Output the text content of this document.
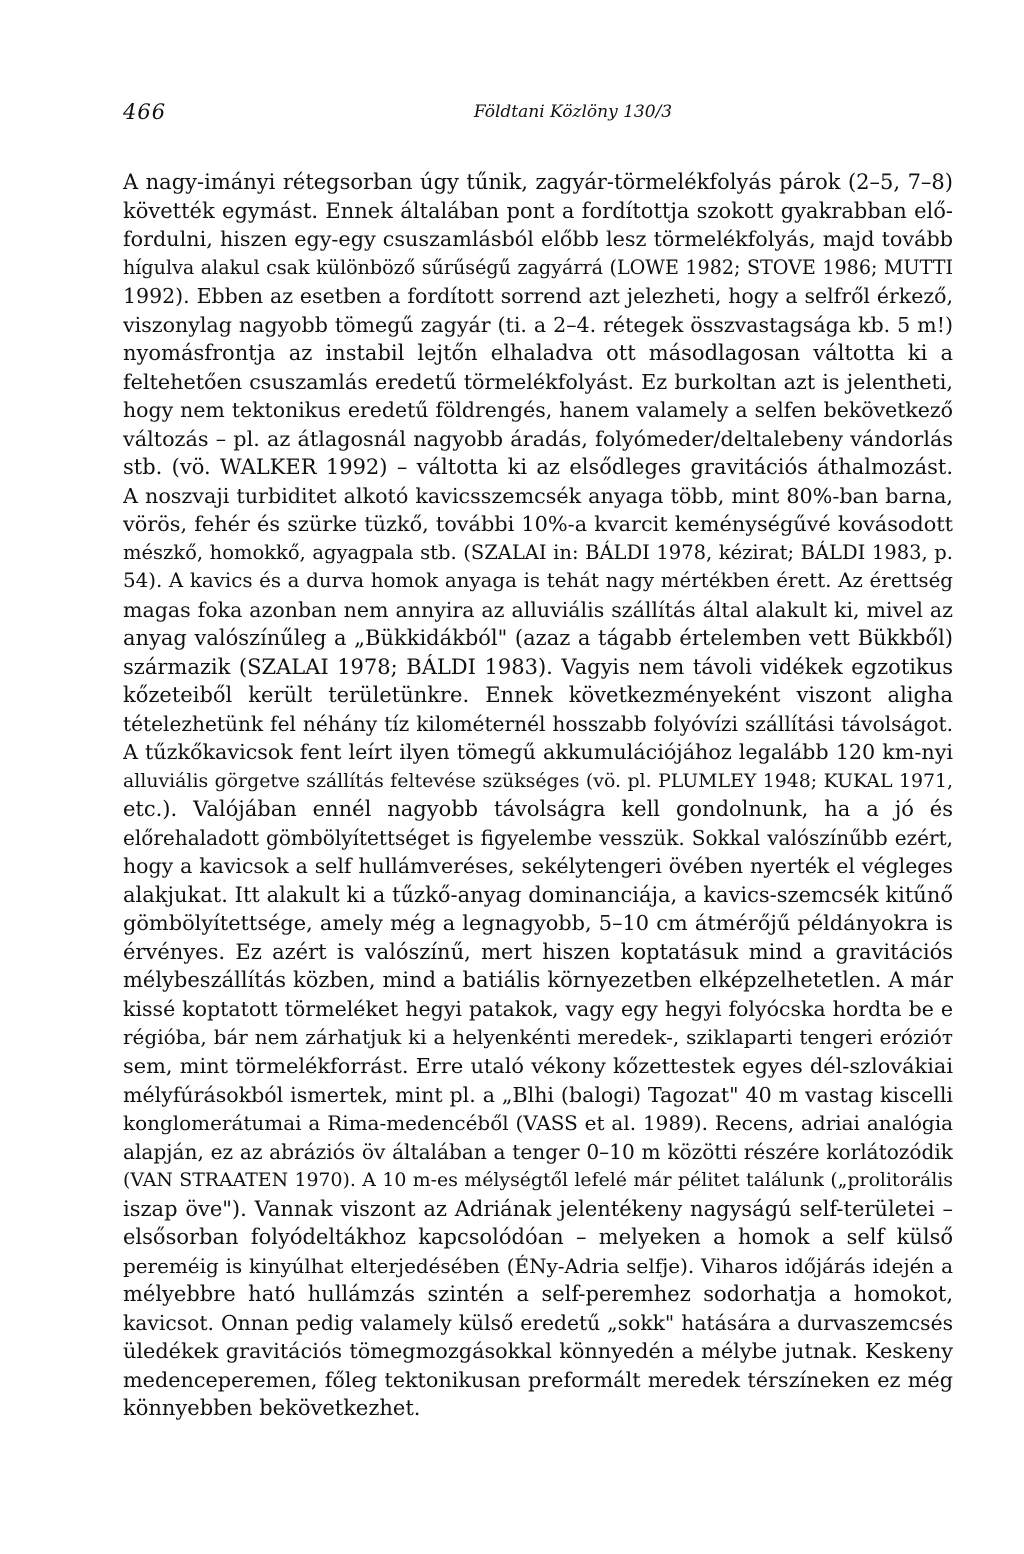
466	Földtani Közlöny 130/3
A nagy-imányi rétegsorban úgy tűnik, zagyár-törmelékfolyás párok (2–5, 7–8)
követték egymást. Ennek általában pont a fordítottja szokott gyakrabban elő-
fordulni, hiszen egy-egy csuszamlásból előbb lesz törmelékfolyás, majd tovább
hígulva alakul csak különböző sűrűségű zagyárrá (LOWE 1982; STOVE 1986; MUTTI
1992). Ebben az esetben a fordított sorrend azt jelezheti, hogy a selfről érkező,
viszonylag nagyobb tömegű zagyár (ti. a 2–4. rétegek összvastagsága kb. 5 m!)
nyomásfrontja az instabil lejtőn elhaladva ott másodlagosan váltotta ki a
feltehetően csuszamlás eredetű törmelékfolyást. Ez burkoltan azt is jelentheti,
hogy nem tektonikus eredetű földrengés, hanem valamely a selfen bekövetkező
változás – pl. az átlagosnál nagyobb áradás, folyómeder/deltalebeny vándorlás
stb. (vö. WALKER 1992) – váltotta ki az elsődleges gravitációs áthalmozást.
A noszvaji turbiditet alkotó kavicsszemcsék anyaga több, mint 80%-ban barna,
vörös, fehér és szürke tüzkő, további 10%-a kvarcit keménységűvé kovásodott
mészkő, homokkő, agyagpala stb. (SZALAI in: BÁLDI 1978, kézirat; BÁLDI 1983, p.
54). A kavics és a durva homok anyaga is tehát nagy mértékben érett. Az érettség
magas foka azonban nem annyira az alluviális szállítás által alakult ki, mivel az
anyag valószínűleg a „Bükkidákból" (azaz a tágabb értelemben vett Bükkből)
származik (SZALAI 1978; BÁLDI 1983). Vagyis nem távoli vidékek egzotikus
kőzeteiből került területünkre. Ennek következményeként viszont aligha
tételezhetünk fel néhány tíz kilométernél hosszabb folyóvízi szállítási távolságot.
A tűzkőkavicsok fent leírt ilyen tömegű akkumulációjához legalább 120 km-nyi
alluviális görgetve szállítás feltevése szükséges (vö. pl. PLUMLEY 1948; KUKAL 1971,
etc.). Valójában ennél nagyobb távolságra kell gondolnunk, ha a jó és
előrehaladott gömbölyítettséget is figyelembe vesszük. Sokkal valószínűbb ezért,
hogy a kavicsok a self hullámveréses, sekélytengeri övében nyerték el végleges
alakjukat. Itt alakult ki a tűzkő-anyag dominanciája, a kavics-szemcsék kitűnő
gömbölyítettsége, amely még a legnagyobb, 5–10 cm átmérőjű példányokra is
érvényes. Ez azért is valószínű, mert hiszen koptatásuk mind a gravitációs
mélybeszállítás közben, mind a batiális környezetben elképzelhetetlen. A már
kissé koptatott törmeléket hegyi patakok, vagy egy hegyi folyócska hordta be e
régióba, bár nem zárhatjuk ki a helyenkénti meredek-, sziklaparti tengeri erózióт
sem, mint törmelékforrást. Erre utaló vékony kőzettestek egyes dél-szlovákiai
mélyfúrásokból ismertek, mint pl. a „Blhi (balogi) Tagozat" 40 m vastag kiscelli
konglomerátumai a Rima-medencéből (VASS et al. 1989). Recens, adriai analógia
alapján, ez az abráziós öv általában a tenger 0–10 m közötti részére korlátozódik
(VAN STRAATEN 1970). A 10 m-es mélységtől lefelé már pélitet találunk („prolitorális
iszap öve"). Vannak viszont az Adriának jelentékeny nagyságú self-területei –
elsősorban folyódeltákhoz kapcsolódóan – melyeken a homok a self külső
pereméig is kinyúlhat elterjedésében (ÉNy-Adria selfje). Viharos időjárás idején a
mélyebbre ható hullámzás szintén a self-peremhez sodorhatja a homokot,
kavicsot. Onnan pedig valamely külső eredetű „sokk" hatására a durvaszemcsés
üledékek gravitációs tömegmozgásokkal könnyedén a mélybe jutnak. Keskeny
medenceperemen, főleg tektonikusan preformált meredek térszíneken ez még
könnyebben bekövetkezhet.
